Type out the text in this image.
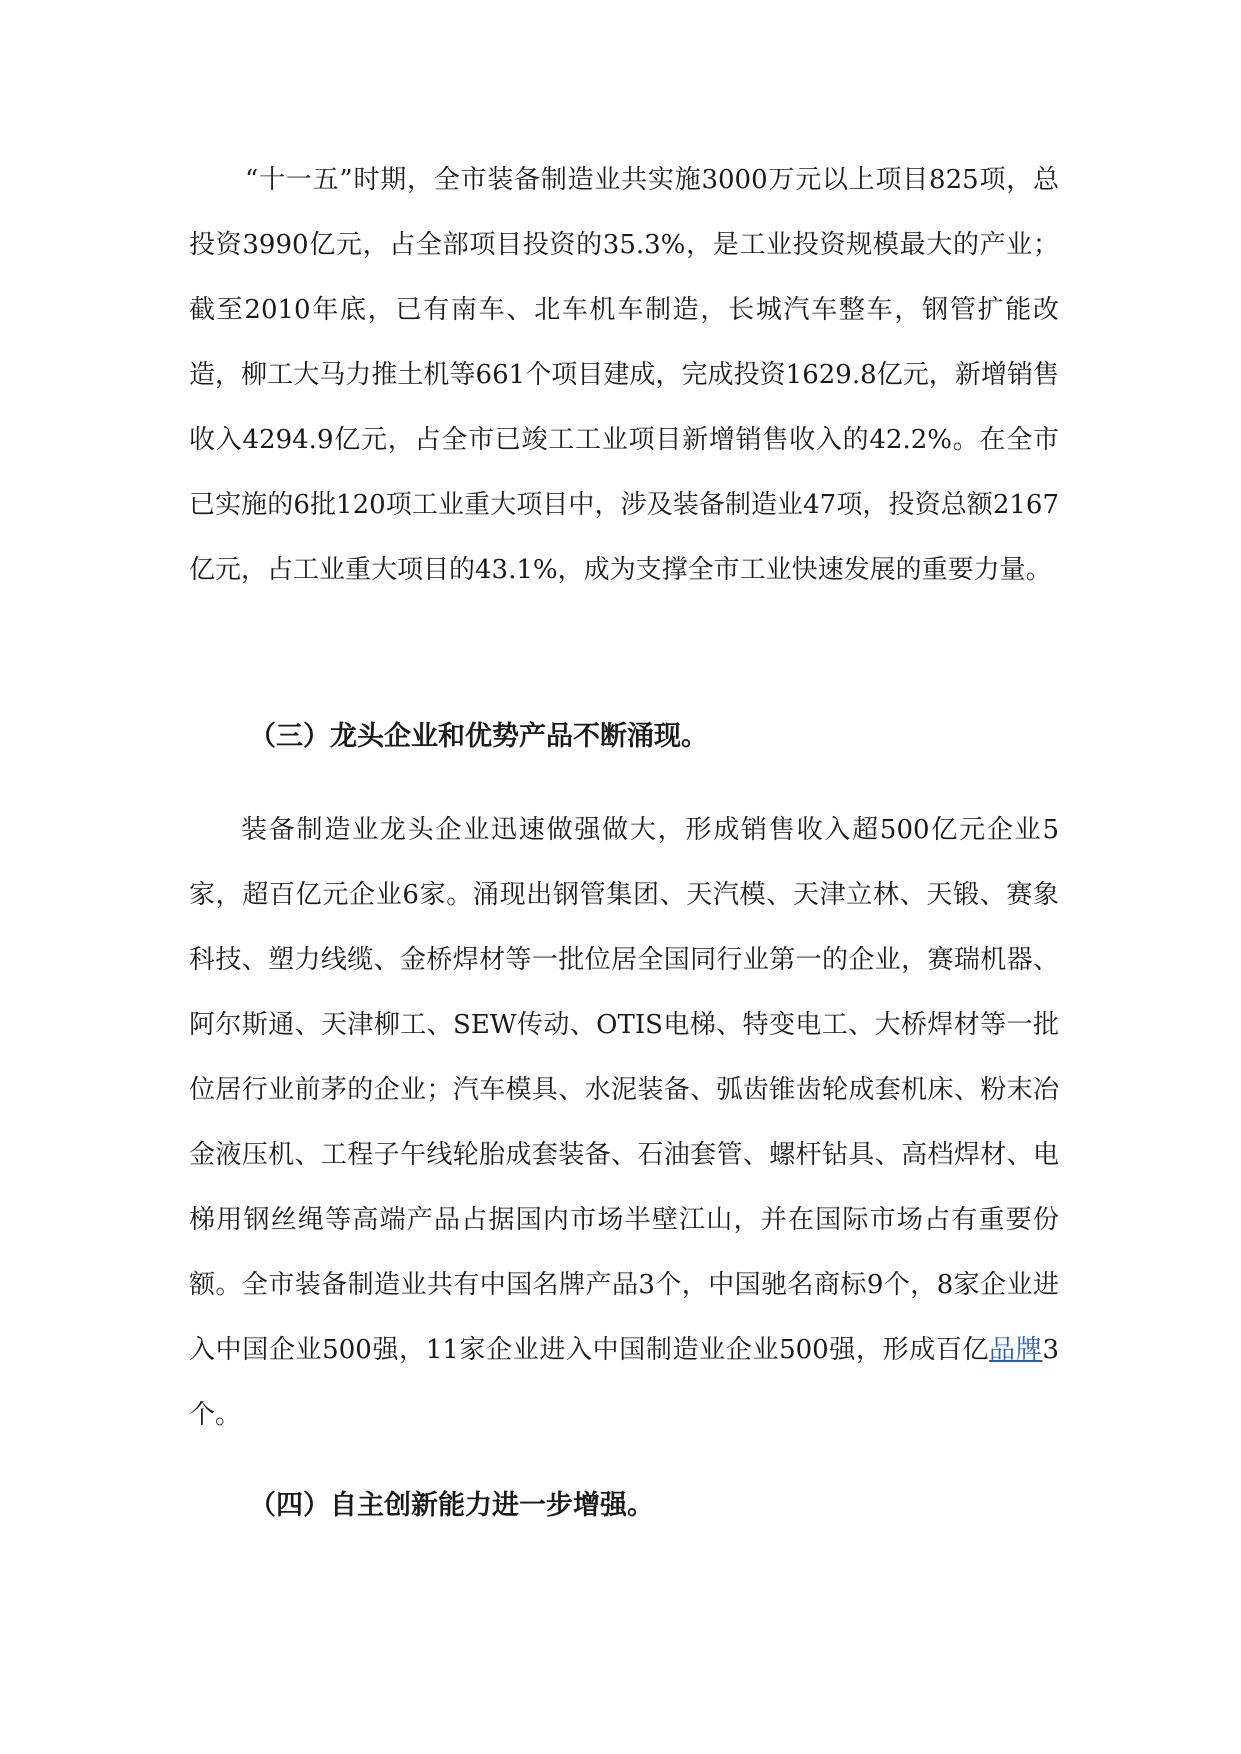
“十一五”时期，全市装备制造业共实施3000万元以上项目825项，总投资3990亿元，占全部项目投资的35.3%，是工业投资规模最大的产业；截至2010年底，已有南车、北车机车制造，长城汽车整车，钢管扩能改造，柳工大马力推土机等661个项目建成，完成投资1629.8亿元，新增销售收入4294.9亿元，占全市已竣工工业项目新增销售收入的42.2%。在全市已实施的6批120项工业重大项目中，涉及装备制造业47项，投资总额2167亿元，占工业重大项目的43.1%，成为支撑全市工业快速发展的重要力量。

（三）龙头企业和优势产品不断涌现。

装备制造业龙头企业迅速做强做大，形成销售收入超500亿元企业5家，超百亿元企业6家。涌现出钢管集团、天汽模、天津立林、天锻、赛象科技、塑力线缆、金桥焊材等一批位居全国同行业第一的企业，赛瑞机器、阿尔斯通、天津柳工、SEW传动、OTIS电梯、特变电工、大桥焊材等一批位居行业前茅的企业；汽车模具、水泥装备、弧齿锥齿轮成套机床、粉末冶金液压机、工程子午线轮胎成套装备、石油套管、螺杆钻具、高档焊材、电梯用钢丝绳等高端产品占据国内市场半壁江山，并在国际市场占有重要份额。全市装备制造业共有中国名牌产品3个，中国驰名商标9个，8家企业进入中国企业500强，11家企业进入中国制造业企业500强，形成百亿品牌3个。

（四）自主创新能力进一步增强。
